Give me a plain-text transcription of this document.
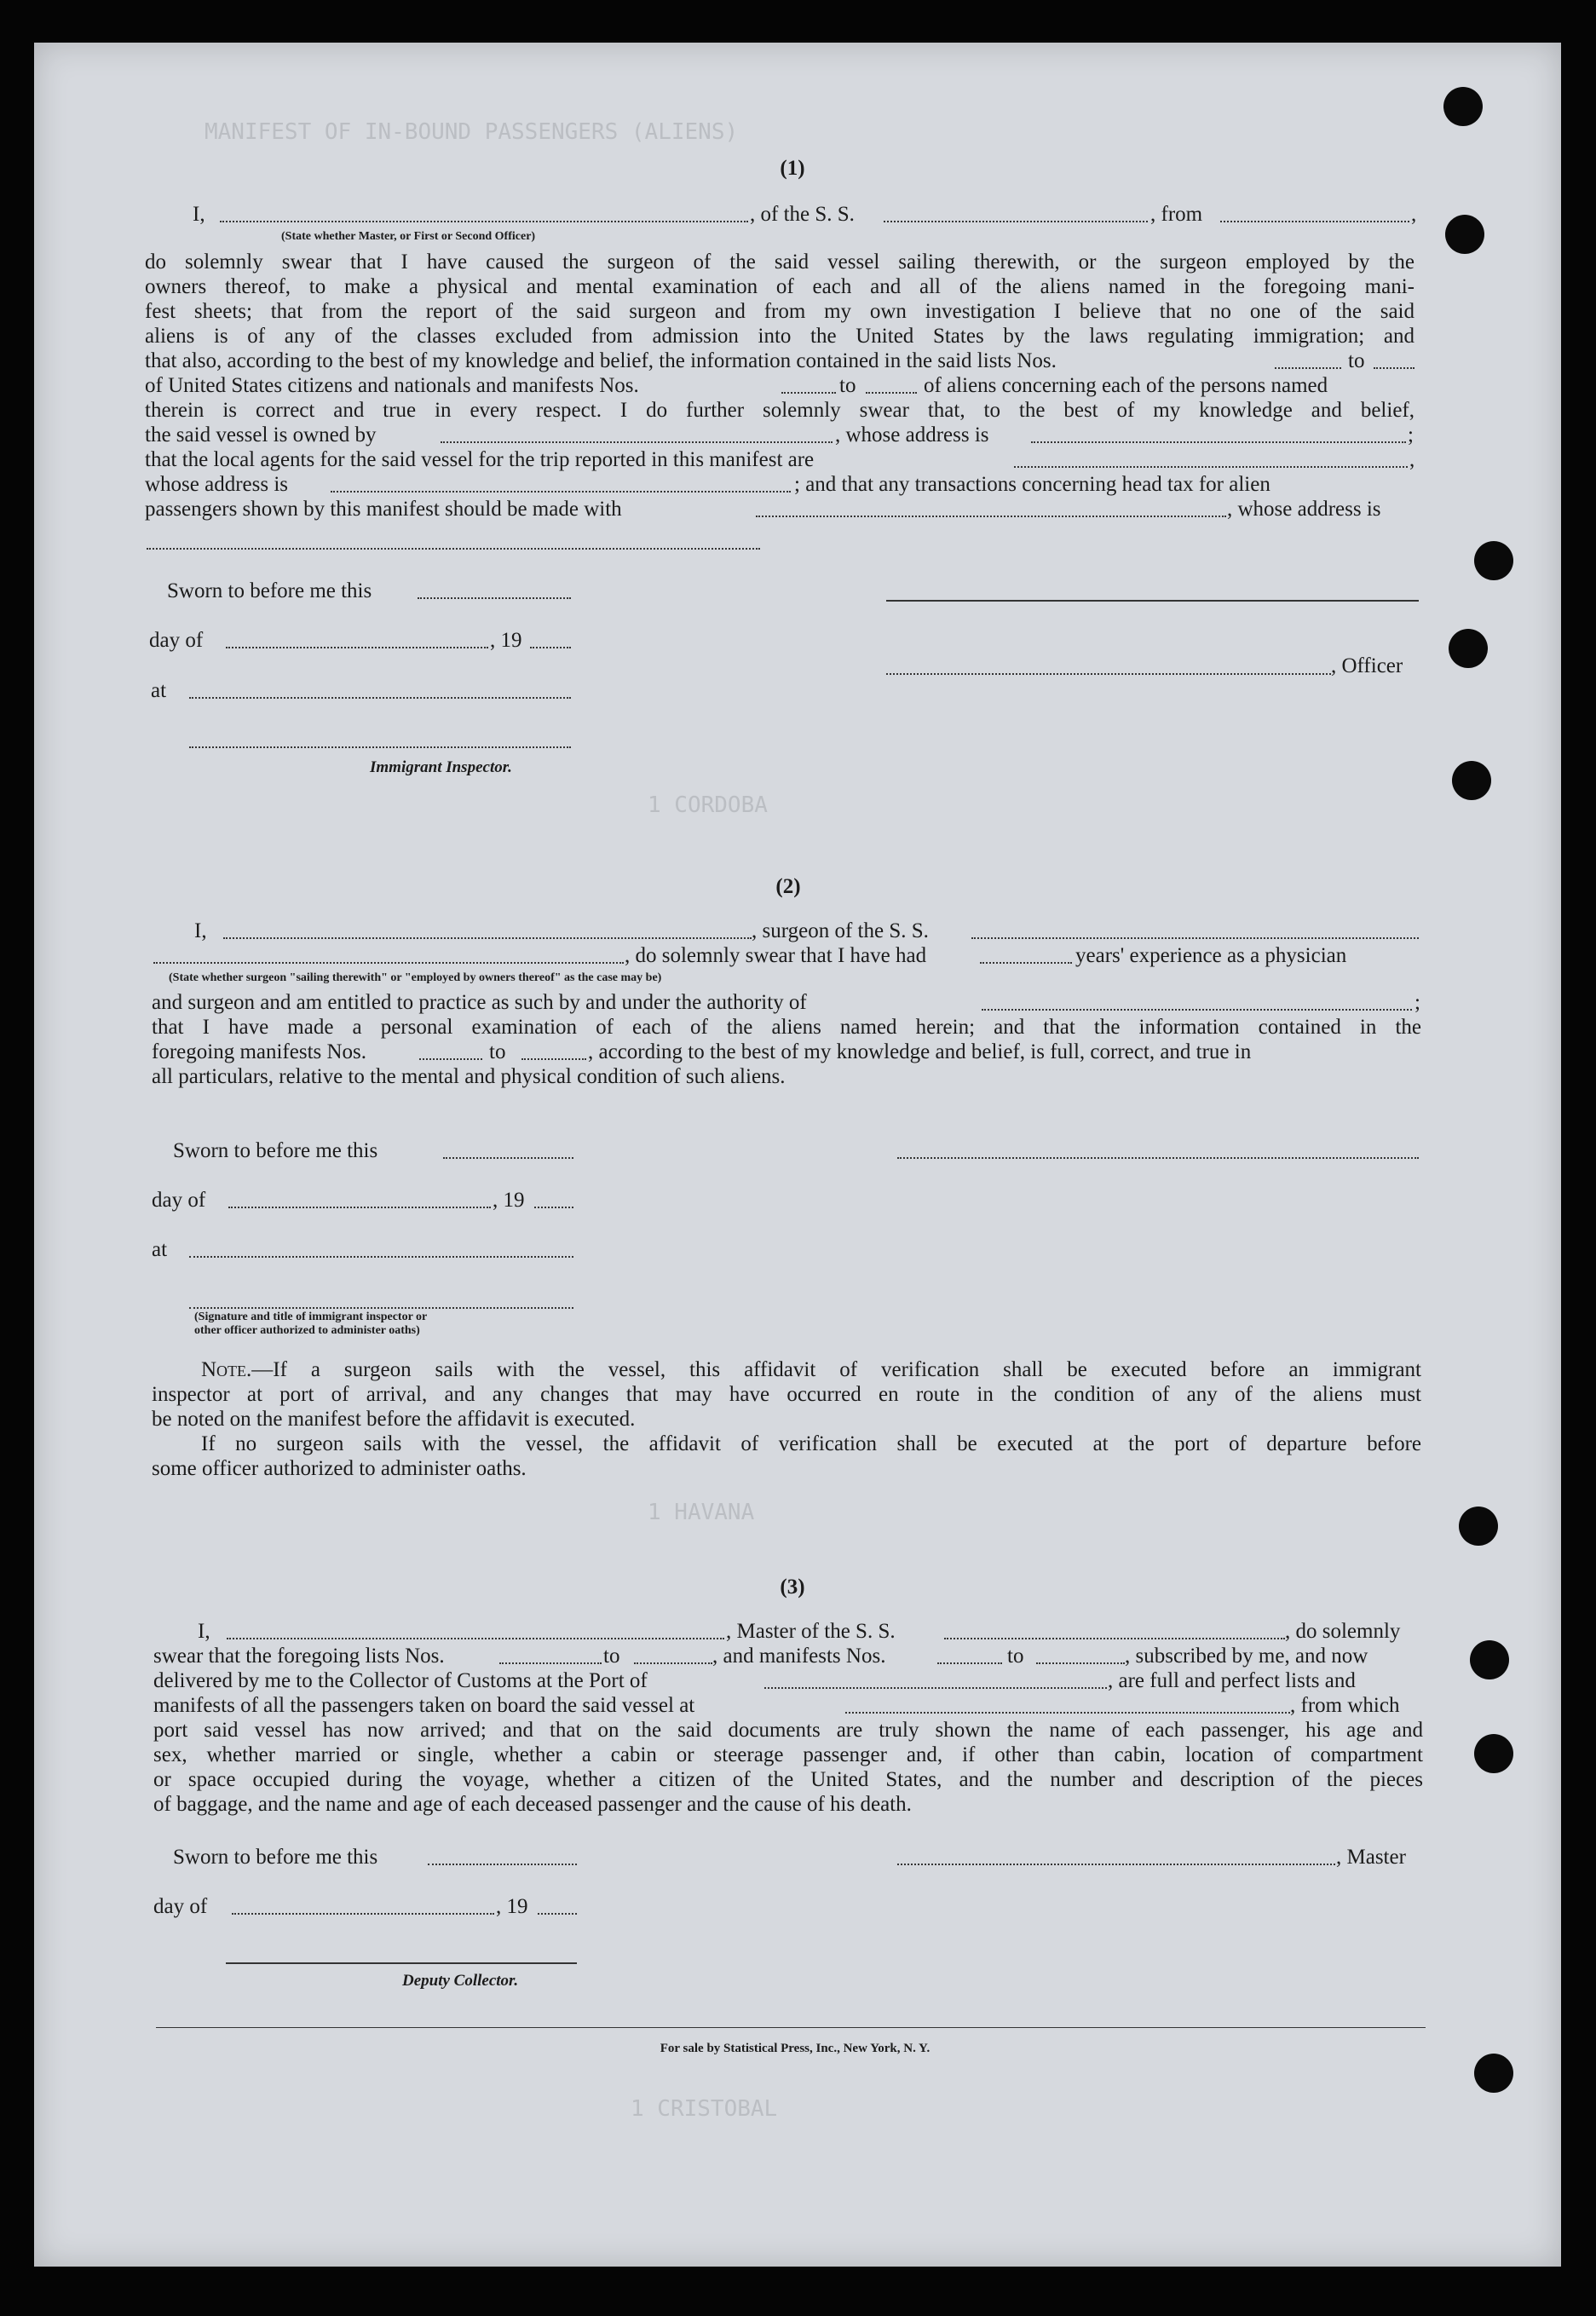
MANIFEST OF IN-BOUND PASSENGERS (ALIENS)
1 CORDOBA
1 HAVANA
1 CRISTOBAL
(1)
I,	, of the S. S.	, from	,
(State whether Master, or First or Second Officer)
do solemnly swear that I have caused the surgeon of the said vessel sailing therewith, or the surgeon employed by the
owners thereof, to make a physical and mental examination of each and all of the aliens named in the foregoing mani-
fest sheets; that from the report of the said surgeon and from my own investigation I believe that no one of the said
aliens is of any of the classes excluded from admission into the United States by the laws regulating immigration; and
that also, according to the best of my knowledge and belief, the information contained in the said lists Nos.	to
of United States citizens and nationals and manifests Nos.	to	of aliens concerning each of the persons named
therein is correct and true in every respect. I do further solemnly swear that, to the best of my knowledge and belief,
the said vessel is owned by	, whose address is	;
that the local agents for the said vessel for the trip reported in this manifest are	,
whose address is	; and that any transactions concerning head tax for alien
passengers shown by this manifest should be made with	, whose address is
Sworn to before me this
day of	, 19
, Officer
at
Immigrant Inspector.
(2)
I,	, surgeon of the S. S.
, do solemnly swear that I have had	years' experience as a physician
(State whether surgeon "sailing therewith" or "employed by owners thereof" as the case may be)
and surgeon and am entitled to practice as such by and under the authority of	;
that I have made a personal examination of each of the aliens named herein; and that the information contained in the
foregoing manifests Nos.	to	, according to the best of my knowledge and belief, is full, correct, and true in
all particulars, relative to the mental and physical condition of such aliens.
Sworn to before me this
day of	, 19
at
(Signature and title of immigrant inspector or
other officer authorized to administer oaths)
Note.—If a surgeon sails with the vessel, this affidavit of verification shall be executed before an immigrant
inspector at port of arrival, and any changes that may have occurred en route in the condition of any of the aliens must
be noted on the manifest before the affidavit is executed.
If no surgeon sails with the vessel, the affidavit of verification shall be executed at the port of departure before
some officer authorized to administer oaths.
(3)
I,	, Master of the S. S.	, do solemnly
swear that the foregoing lists Nos.	to	, and manifests Nos.	to	, subscribed by me, and now
delivered by me to the Collector of Customs at the Port of	, are full and perfect lists and
manifests of all the passengers taken on board the said vessel at	, from which
port said vessel has now arrived; and that on the said documents are truly shown the name of each passenger, his age and
sex, whether married or single, whether a cabin or steerage passenger and, if other than cabin, location of compartment
or space occupied during the voyage, whether a citizen of the United States, and the number and description of the pieces
of baggage, and the name and age of each deceased passenger and the cause of his death.
Sworn to before me this	, Master
day of	, 19
Deputy Collector.
For sale by Statistical Press, Inc., New York, N. Y.
